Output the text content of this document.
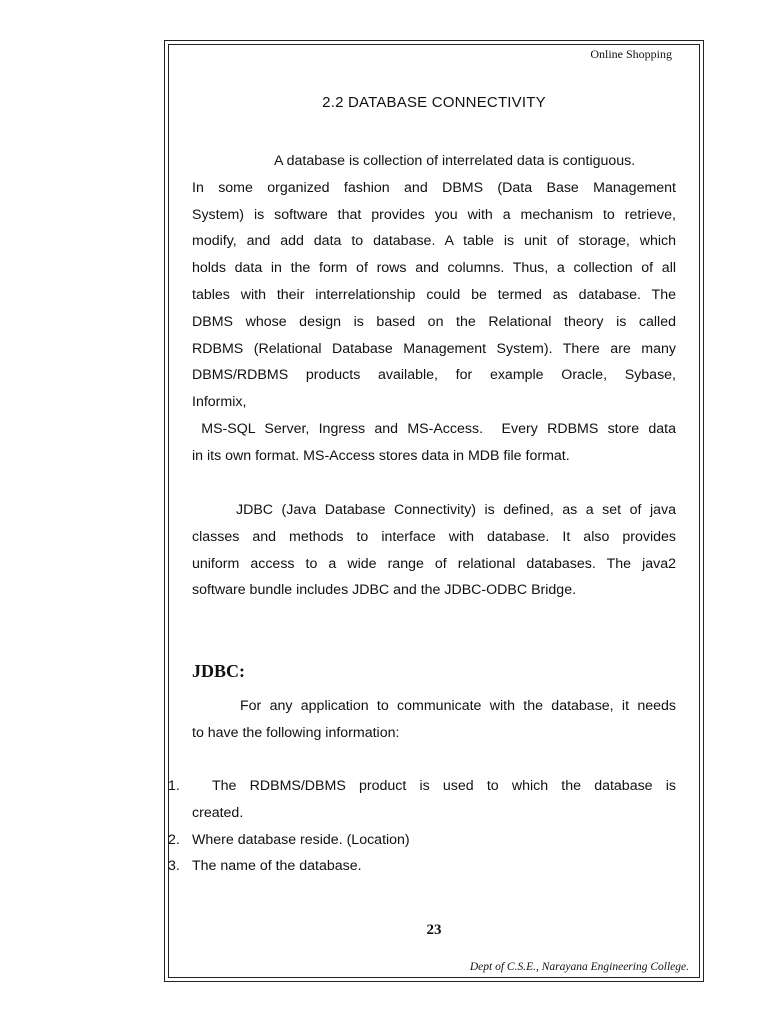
Online Shopping
2.2 DATABASE CONNECTIVITY
A database is collection of interrelated data is contiguous.
In some organized fashion and DBMS (Data Base Management
System) is software that provides you with a mechanism to retrieve,
modify, and add data to database. A table is unit of storage, which
holds data in the form of rows and columns. Thus, a collection of all
tables with their interrelationship could be termed as database. The
DBMS whose design is based on the Relational theory is called
RDBMS (Relational Database Management System). There are many
DBMS/RDBMS products available, for example Oracle, Sybase,
Informix,
MS-SQL Server, Ingress and MS-Access.  Every RDBMS store data
in its own format. MS-Access stores data in MDB file format.
JDBC (Java Database Connectivity) is defined, as a set of java
classes and methods to interface with database. It also provides
uniform access to a wide range of relational databases. The java2
software bundle includes JDBC and the JDBC-ODBC Bridge.
JDBC:
For any application to communicate with the database, it needs
to have the following information:
1.	The RDBMS/DBMS product is used to which the database is
created.
2. Where database reside. (Location)
3. The name of the database.
23
Dept of C.S.E., Narayana Engineering College.
